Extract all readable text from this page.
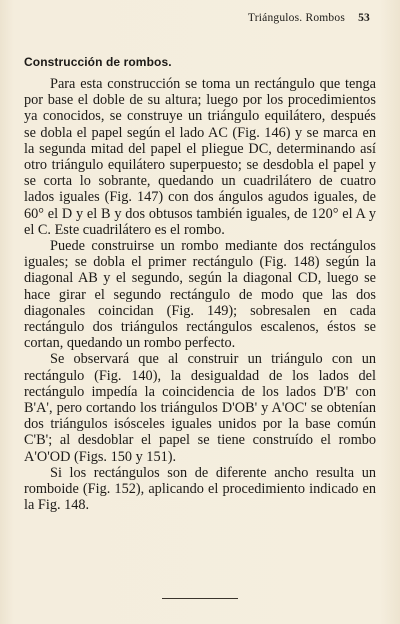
Triángulos. Rombos 53
Construcción de rombos.

Para esta construcción se toma un rectángulo que tenga por base el doble de su altura; luego por los procedimientos ya conocidos, se construye un triángulo equilátero, después se dobla el papel según el lado AC (Fig. 146) y se marca en la segunda mitad del papel el pliegue DC, determinando así otro triángulo equilátero superpuesto; se desdobla el papel y se corta lo sobrante, quedando un cuadrilátero de cuatro lados iguales (Fig. 147) con dos ángulos agudos iguales, de 60° el D y el B y dos obtusos también iguales, de 120° el A y el C. Este cuadrilátero es el rombo.

Puede construirse un rombo mediante dos rectángulos iguales; se dobla el primer rectángulo (Fig. 148) según la diagonal AB y el segundo, según la diagonal CD, luego se hace girar el segundo rectángulo de modo que las dos diagonales coincidan (Fig. 149); sobresalen en cada rectángulo dos triángulos rectángulos escalenos, éstos se cortan, quedando un rombo perfecto.

Se observará que al construir un triángulo con un rectángulo (Fig. 140), la desigualdad de los lados del rectángulo impedía la coincidencia de los lados D'B' con B'A', pero cortando los triángulos D'OB' y A'OC' se obtenían dos triángulos isósceles iguales unidos por la base común C'B'; al desdoblar el papel se tiene construído el rombo A'O'OD (Figs. 150 y 151).

Si los rectángulos son de diferente ancho resulta un romboide (Fig. 152), aplicando el procedimiento indicado en la Fig. 148.
